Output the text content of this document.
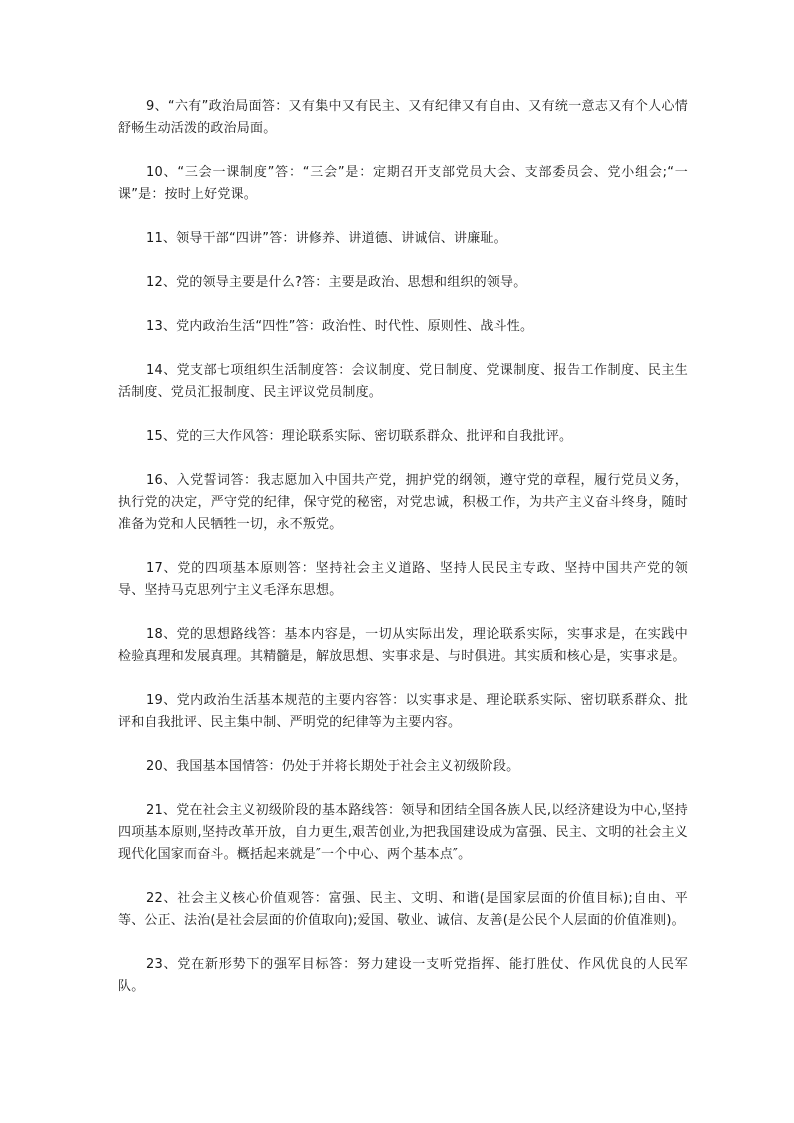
9、“六有”政治局面答：又有集中又有民主、又有纪律又有自由、又有统一意志又有个人心情舒畅生动活泼的政治局面。

10、“三会一课制度”答：“三会”是：定期召开支部党员大会、支部委员会、党小组会;“一课”是：按时上好党课。

11、领导干部“四讲”答：讲修养、讲道德、讲诚信、讲廉耻。

12、党的领导主要是什么?答：主要是政治、思想和组织的领导。

13、党内政治生活“四性”答：政治性、时代性、原则性、战斗性。

14、党支部七项组织生活制度答：会议制度、党日制度、党课制度、报告工作制度、民主生活制度、党员汇报制度、民主评议党员制度。

15、党的三大作风答：理论联系实际、密切联系群众、批评和自我批评。

16、入党誓词答：我志愿加入中国共产党，拥护党的纲领，遵守党的章程，履行党员义务，执行党的决定，严守党的纪律，保守党的秘密，对党忠诚，积极工作，为共产主义奋斗终身，随时准备为党和人民牺牲一切，永不叛党。

17、党的四项基本原则答：坚持社会主义道路、坚持人民民主专政、坚持中国共产党的领导、坚持马克思列宁主义毛泽东思想。

18、党的思想路线答：基本内容是，一切从实际出发，理论联系实际，实事求是，在实践中检验真理和发展真理。其精髓是，解放思想、实事求是、与时俱进。其实质和核心是，实事求是。

19、党内政治生活基本规范的主要内容答：以实事求是、理论联系实际、密切联系群众、批评和自我批评、民主集中制、严明党的纪律等为主要内容。

20、我国基本国情答：仍处于并将长期处于社会主义初级阶段。

21、党在社会主义初级阶段的基本路线答：领导和团结全国各族人民,以经济建设为中心,坚持四项基本原则,坚持改革开放，自力更生,艰苦创业,为把我国建设成为富强、民主、文明的社会主义现代化国家而奋斗。概括起来就是″一个中心、两个基本点″。

22、社会主义核心价值观答：富强、民主、文明、和谐(是国家层面的价值目标);自由、平等、公正、法治(是社会层面的价值取向);爱国、敬业、诚信、友善(是公民个人层面的价值准则)。

23、党在新形势下的强军目标答：努力建设一支听党指挥、能打胜仗、作风优良的人民军队。
